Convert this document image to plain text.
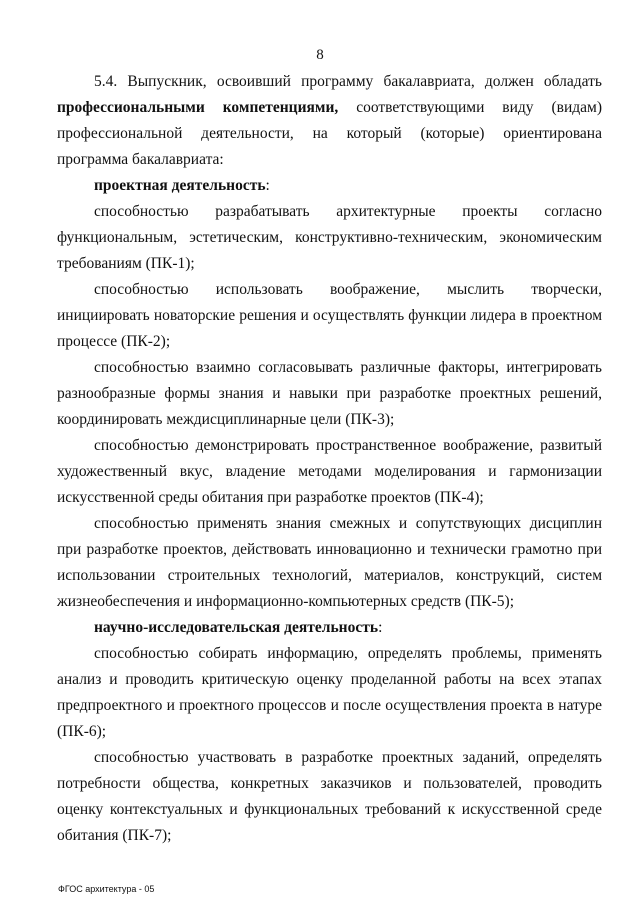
8

5.4. Выпускник, освоивший программу бакалавриата, должен обладать профессиональными компетенциями, соответствующими виду (видам) профессиональной деятельности, на который (которые) ориентирована программа бакалавриата:

проектная деятельность:

способностью разрабатывать архитектурные проекты согласно функциональным, эстетическим, конструктивно-техническим, экономическим требованиям (ПК-1);

способностью использовать воображение, мыслить творчески, инициировать новаторские решения и осуществлять функции лидера в проектном процессе (ПК-2);

способностью взаимно согласовывать различные факторы, интегрировать разнообразные формы знания и навыки при разработке проектных решений, координировать междисциплинарные цели (ПК-3);

способностью демонстрировать пространственное воображение, развитый художественный вкус, владение методами моделирования и гармонизации искусственной среды обитания при разработке проектов (ПК-4);

способностью применять знания смежных и сопутствующих дисциплин при разработке проектов, действовать инновационно и технически грамотно при использовании строительных технологий, материалов, конструкций, систем жизнеобеспечения и информационно-компьютерных средств (ПК-5);

научно-исследовательская деятельность:

способностью собирать информацию, определять проблемы, применять анализ и проводить критическую оценку проделанной работы на всех этапах предпроектного и проектного процессов и после осуществления проекта в натуре (ПК-6);

способностью участвовать в разработке проектных заданий, определять потребности общества, конкретных заказчиков и пользователей, проводить оценку контекстуальных и функциональных требований к искусственной среде обитания (ПК-7);

ФГОС архитектура - 05
